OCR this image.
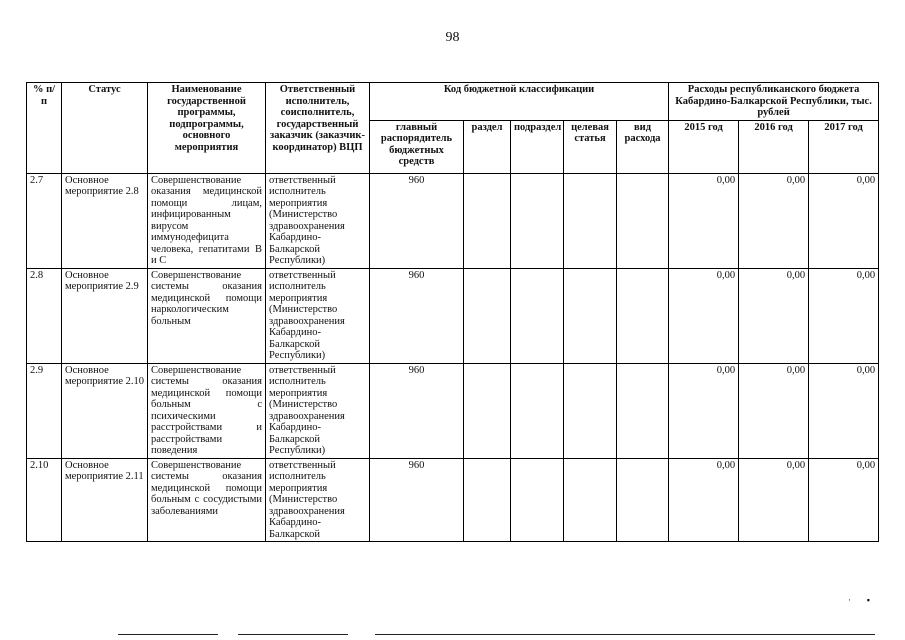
98
% п/п	Статус	Наименование государственной программы, подпрограммы, основного мероприятия	Ответственный исполнитель, соисполнитель, государственный заказчик (заказчик-координатор) ВЦП	Код бюджетной классификации					Расходы республиканского бюджета Кабардино-Балкарской Республики, тыс. рублей		
				главный распорядитель бюджетных средств	раздел	подраздел	целевая статья	вид расхода	2015 год	2016 год	2017 год
2.7	Основное мероприятие 2.8	Совершенствование оказания медицинской помощи лицам, инфицированным вирусом иммунодефицита человека, гепатитами В и С	ответственный исполнитель мероприятия (Министерство здравоохранения Кабардино-Балкарской Республики)	960					0,00	0,00	0,00
2.8	Основное мероприятие 2.9	Совершенствование системы оказания медицинской помощи наркологическим больным	ответственный исполнитель мероприятия (Министерство здравоохранения Кабардино-Балкарской Республики)	960					0,00	0,00	0,00
2.9	Основное мероприятие 2.10	Совершенствование системы оказания медицинской помощи больным с психическими расстройствами и расстройствами поведения	ответственный исполнитель мероприятия (Министерство здравоохранения Кабардино-Балкарской Республики)	960					0,00	0,00	0,00
2.10	Основное мероприятие 2.11	Совершенствование системы оказания медицинской помощи больным с сосудистыми заболеваниями	ответственный исполнитель мероприятия (Министерство здравоохранения Кабардино-Балкарской	960					0,00	0,00	0,00
·       ▪
